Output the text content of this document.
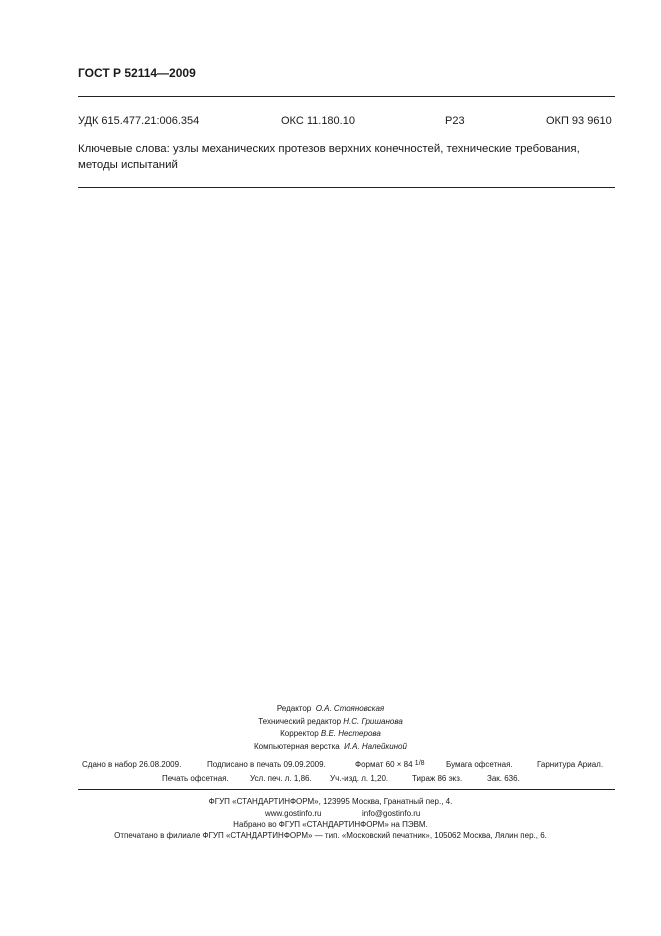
ГОСТ Р 52114—2009
УДК 615.477.21:006.354	ОКС 11.180.10	Р23	ОКП 93 9610
Ключевые слова: узлы механических протезов верхних конечностей, технические требования, методы испытаний
Редактор О.А. Стояновская
Технический редактор Н.С. Гришанова
Корректор В.Е. Нестерова
Компьютерная верстка И.А. Налейкиной
Сдано в набор 26.08.2009.	Подписано в печать 09.09.2009.	Формат 60 × 84 1/8	Бумага офсетная.	Гарнитура Ариал.
Печать офсетная.	Усл. печ. л. 1,86. Уч.-изд. л. 1,20.	Тираж 86 экз.	Зак. 636.
ФГУП «СТАНДАРТИНФОРМ», 123995 Москва, Гранатный пер., 4.
www.gostinfo.ru	info@gostinfo.ru
Набрано во ФГУП «СТАНДАРТИНФОРМ» на ПЭВМ.
Отпечатано в филиале ФГУП «СТАНДАРТИНФОРМ» — тип. «Московский печатник», 105062 Москва, Лялин пер., 6.
